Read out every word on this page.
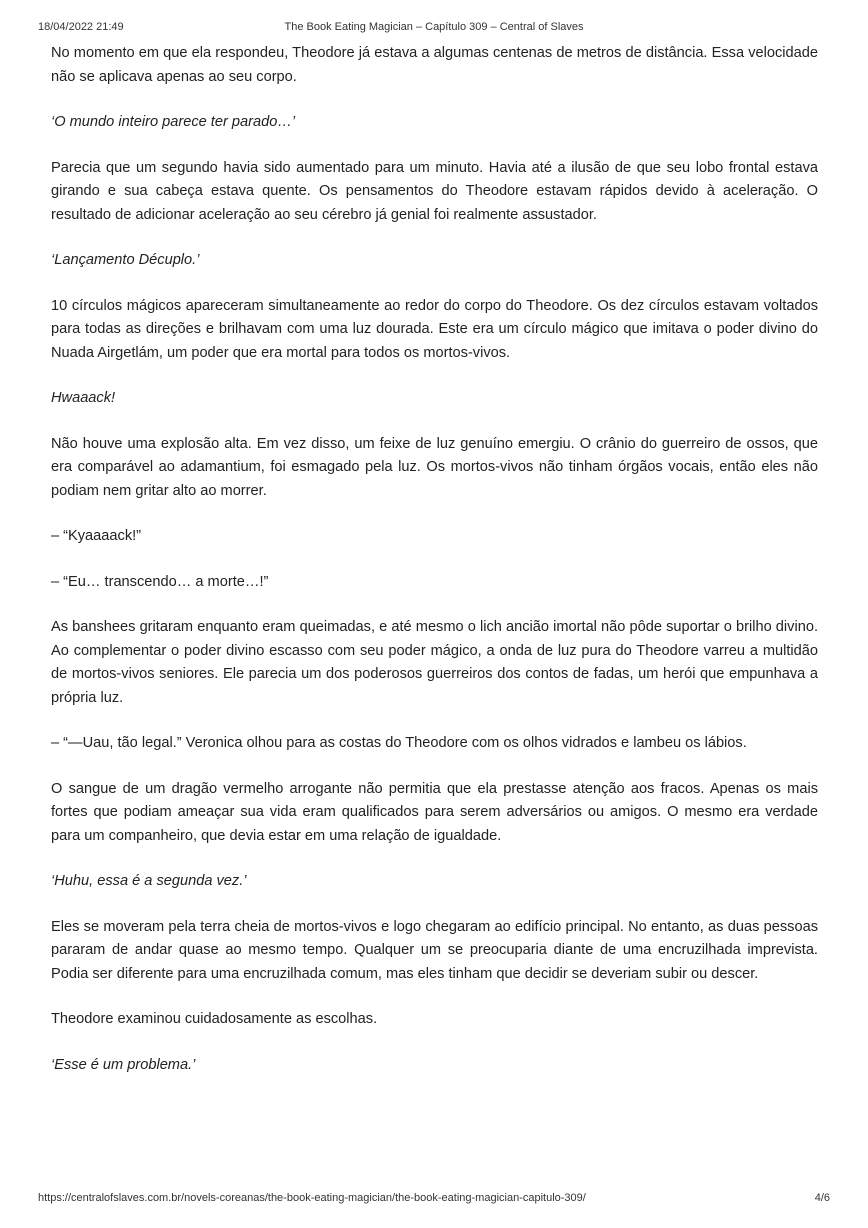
18/04/2022 21:49	The Book Eating Magician – Capítulo 309 – Central of Slaves

No momento em que ela respondeu, Theodore já estava a algumas centenas de metros de distância. Essa velocidade não se aplicava apenas ao seu corpo.

‘O mundo inteiro parece ter parado…’

Parecia que um segundo havia sido aumentado para um minuto. Havia até a ilusão de que seu lobo frontal estava girando e sua cabeça estava quente. Os pensamentos do Theodore estavam rápidos devido à aceleração. O resultado de adicionar aceleração ao seu cérebro já genial foi realmente assustador.

‘Lançamento Décuplo.’

10 círculos mágicos apareceram simultaneamente ao redor do corpo do Theodore. Os dez círculos estavam voltados para todas as direções e brilhavam com uma luz dourada. Este era um círculo mágico que imitava o poder divino do Nuada Airgetlám, um poder que era mortal para todos os mortos-vivos.

Hwaaack!

Não houve uma explosão alta. Em vez disso, um feixe de luz genuíno emergiu. O crânio do guerreiro de ossos, que era comparável ao adamantium, foi esmagado pela luz. Os mortos-vivos não tinham órgãos vocais, então eles não podiam nem gritar alto ao morrer.

– “Kyaaaack!”

– “Eu… transcendo… a morte…!”

As banshees gritaram enquanto eram queimadas, e até mesmo o lich ancião imortal não pôde suportar o brilho divino. Ao complementar o poder divino escasso com seu poder mágico, a onda de luz pura do Theodore varreu a multidão de mortos-vivos seniores. Ele parecia um dos poderosos guerreiros dos contos de fadas, um herói que empunhava a própria luz.

– “—Uau, tão legal.” Veronica olhou para as costas do Theodore com os olhos vidrados e lambeu os lábios.

O sangue de um dragão vermelho arrogante não permitia que ela prestasse atenção aos fracos. Apenas os mais fortes que podiam ameaçar sua vida eram qualificados para serem adversários ou amigos. O mesmo era verdade para um companheiro, que devia estar em uma relação de igualdade.

‘Huhu, essa é a segunda vez.’

Eles se moveram pela terra cheia de mortos-vivos e logo chegaram ao edifício principal. No entanto, as duas pessoas pararam de andar quase ao mesmo tempo. Qualquer um se preocuparia diante de uma encruzilhada imprevista. Podia ser diferente para uma encruzilhada comum, mas eles tinham que decidir se deveriam subir ou descer.

Theodore examinou cuidadosamente as escolhas.

‘Esse é um problema.’

https://centralofslaves.com.br/novels-coreanas/the-book-eating-magician/the-book-eating-magician-capitulo-309/	4/6
